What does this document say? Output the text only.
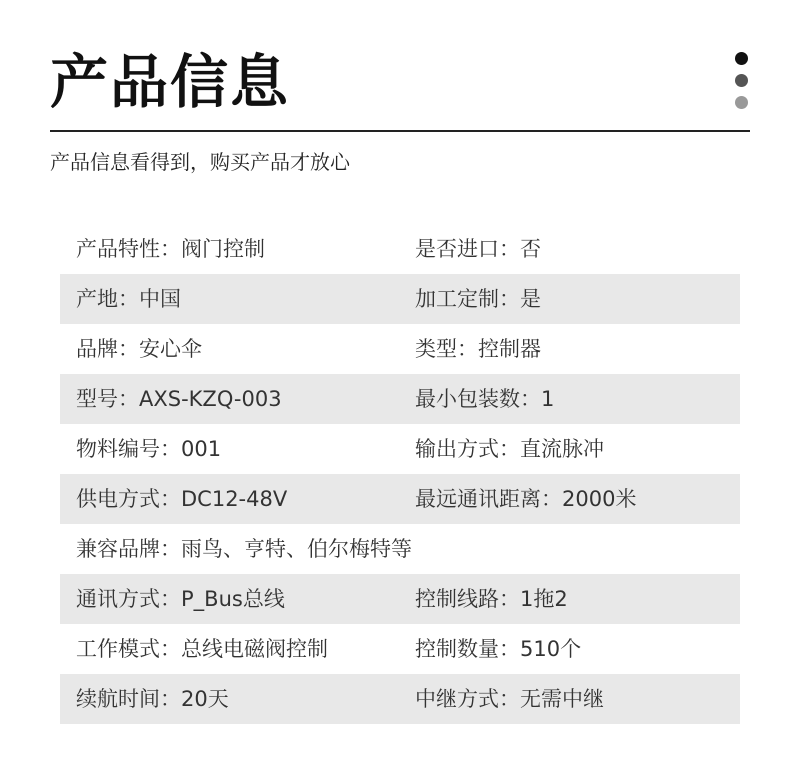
产品信息
产品信息看得到，购买产品才放心
产品特性：阀门控制	是否进口：否
产地：中国	加工定制：是
品牌：安心伞	类型：控制器
型号：AXS-KZQ-003	最小包装数：1
物料编号：001	输出方式：直流脉冲
供电方式：DC12-48V	最远通讯距离：2000米
兼容品牌：雨鸟、亨特、伯尔梅特等
通讯方式：P_Bus总线	控制线路：1拖2
工作模式：总线电磁阀控制	控制数量：510个
续航时间：20天	中继方式：无需中继
